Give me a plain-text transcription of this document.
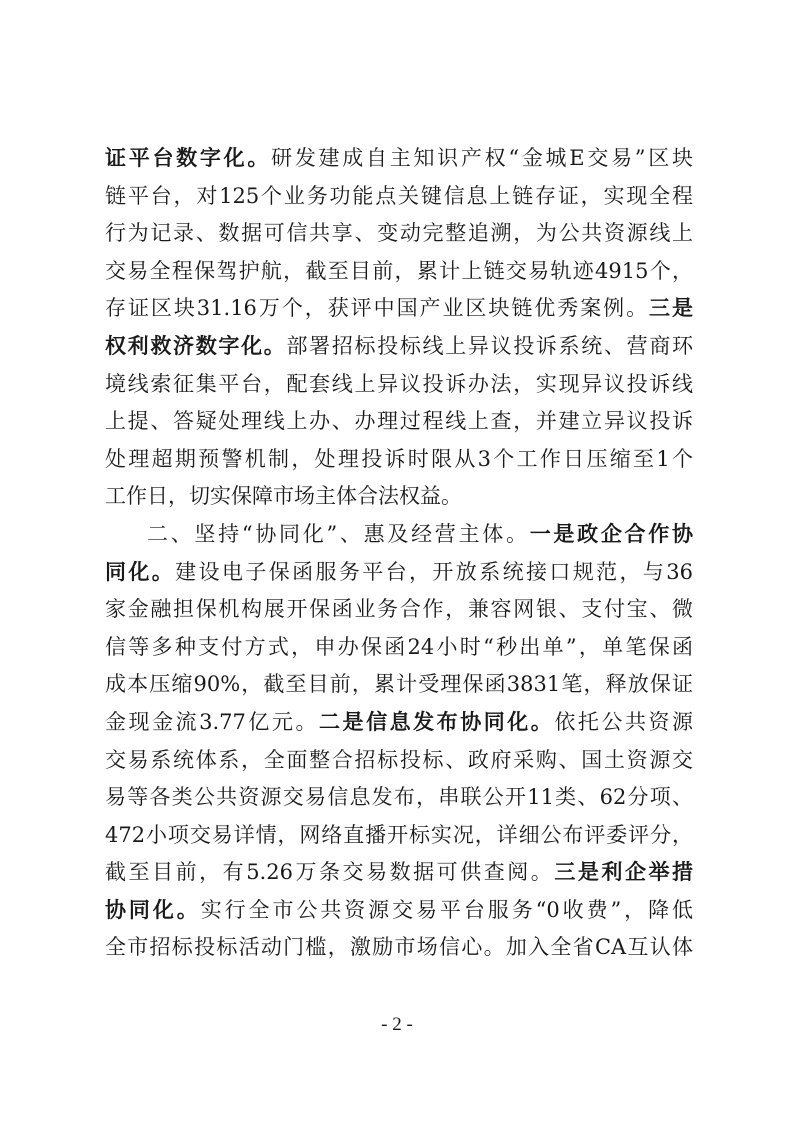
证平台数字化。研发建成自主知识产权“金城E交易”区块
链平台，对125个业务功能点关键信息上链存证，实现全程
行为记录、数据可信共享、变动完整追溯，为公共资源线上
交易全程保驾护航，截至目前，累计上链交易轨迹4915个，
存证区块31.16万个，获评中国产业区块链优秀案例。三是
权利救济数字化。部署招标投标线上异议投诉系统、营商环
境线索征集平台，配套线上异议投诉办法，实现异议投诉线
上提、答疑处理线上办、办理过程线上查，并建立异议投诉
处理超期预警机制，处理投诉时限从3个工作日压缩至1个
工作日，切实保障市场主体合法权益。
二、坚持“协同化”、惠及经营主体。一是政企合作协
同化。建设电子保函服务平台，开放系统接口规范，与36
家金融担保机构展开保函业务合作，兼容网银、支付宝、微
信等多种支付方式，申办保函24小时“秒出单”，单笔保函
成本压缩90%，截至目前，累计受理保函3831笔，释放保证
金现金流3.77亿元。二是信息发布协同化。依托公共资源
交易系统体系，全面整合招标投标、政府采购、国土资源交
易等各类公共资源交易信息发布，串联公开11类、62分项、
472小项交易详情，网络直播开标实况，详细公布评委评分，
截至目前，有5.26万条交易数据可供查阅。三是利企举措
协同化。实行全市公共资源交易平台服务“0收费”，降低
全市招标投标活动门槛，激励市场信心。加入全省CA互认体
- 2 -
